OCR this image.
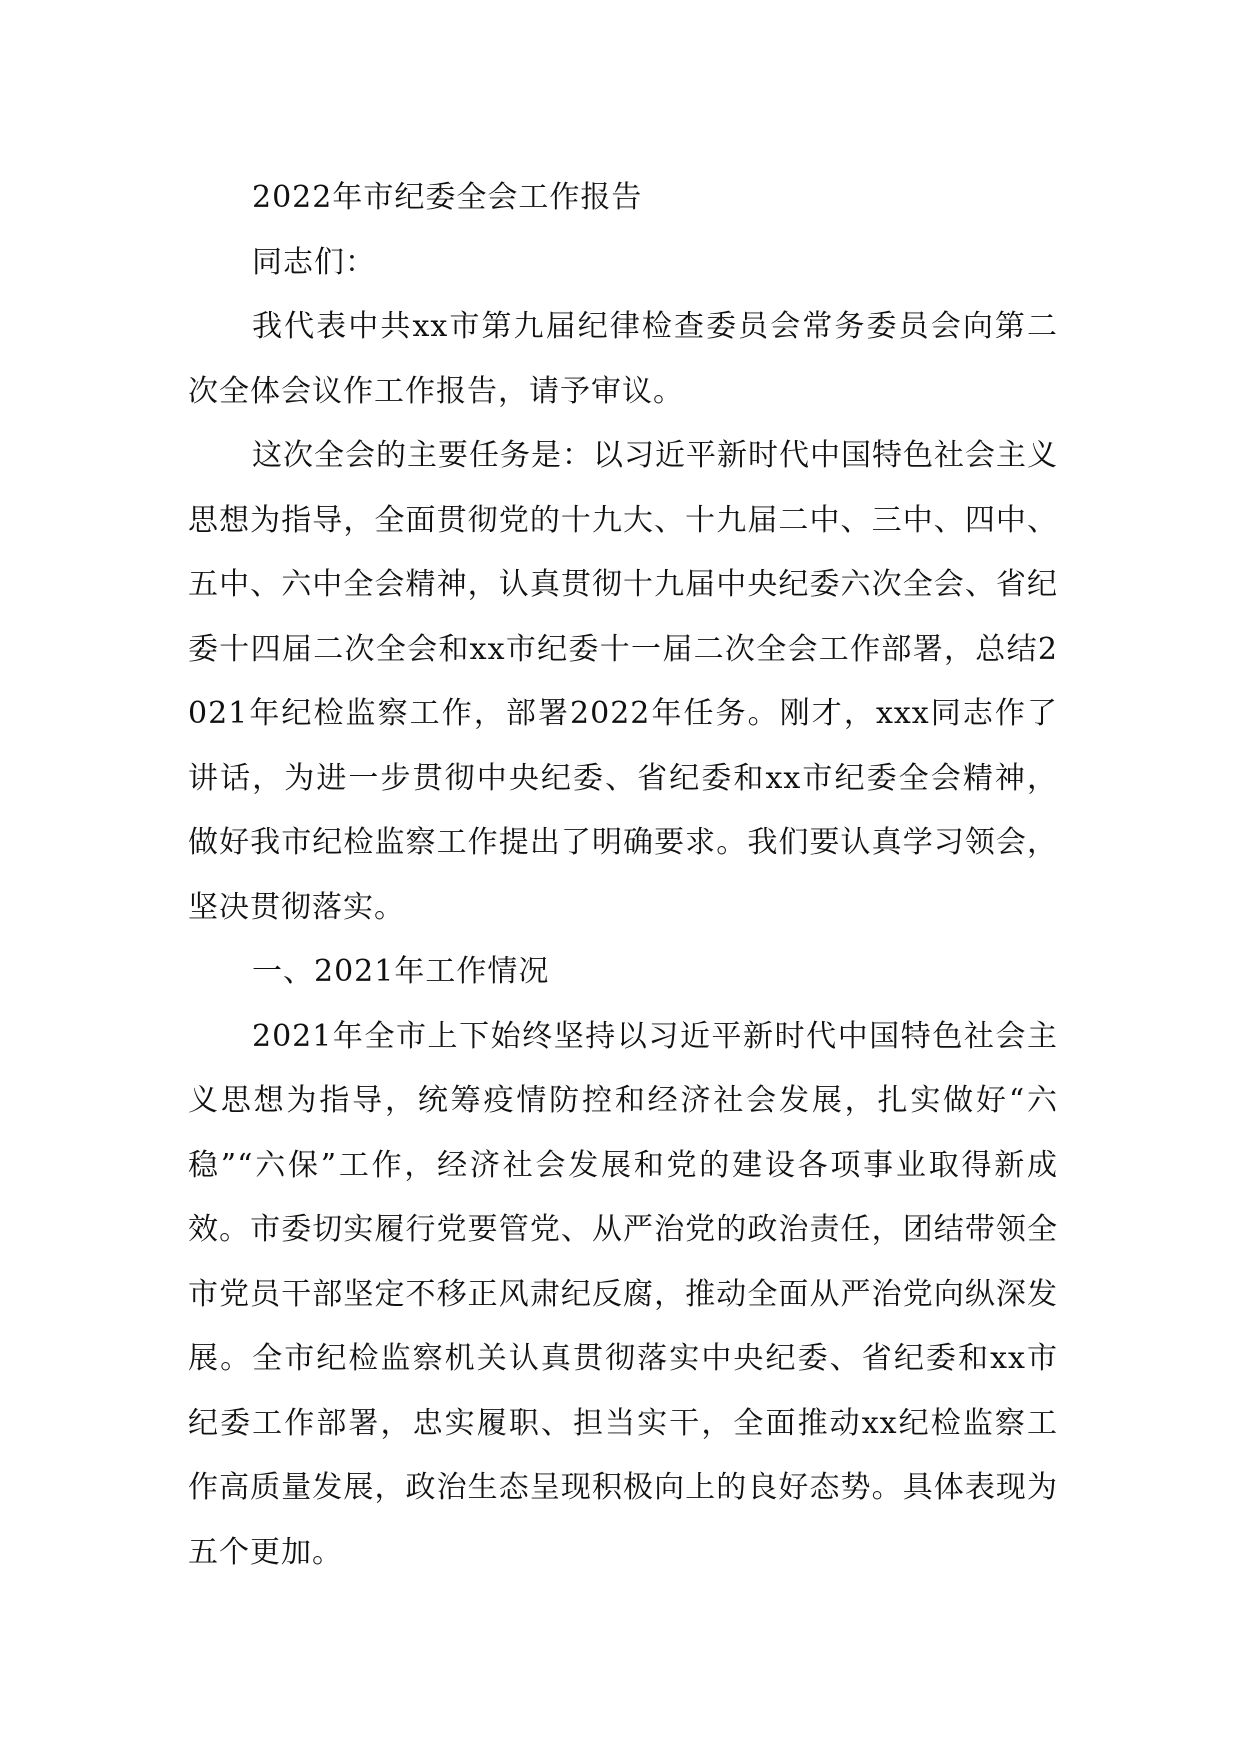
2022年市纪委全会工作报告

同志们：

我代表中共xx市第九届纪律检查委员会常务委员会向第二次全体会议作工作报告，请予审议。

这次全会的主要任务是：以习近平新时代中国特色社会主义思想为指导，全面贯彻党的十九大、十九届二中、三中、四中、五中、六中全会精神，认真贯彻十九届中央纪委六次全会、省纪委十四届二次全会和xx市纪委十一届二次全会工作部署，总结2021年纪检监察工作，部署2022年任务。刚才，xxx同志作了讲话，为进一步贯彻中央纪委、省纪委和xx市纪委全会精神，做好我市纪检监察工作提出了明确要求。我们要认真学习领会，坚决贯彻落实。

一、2021年工作情况

2021年全市上下始终坚持以习近平新时代中国特色社会主义思想为指导，统筹疫情防控和经济社会发展，扎实做好“六稳”“六保”工作，经济社会发展和党的建设各项事业取得新成效。市委切实履行党要管党、从严治党的政治责任，团结带领全市党员干部坚定不移正风肃纪反腐，推动全面从严治党向纵深发展。全市纪检监察机关认真贯彻落实中央纪委、省纪委和xx市纪委工作部署，忠实履职、担当实干，全面推动xx纪检监察工作高质量发展，政治生态呈现积极向上的良好态势。具体表现为五个更加。
